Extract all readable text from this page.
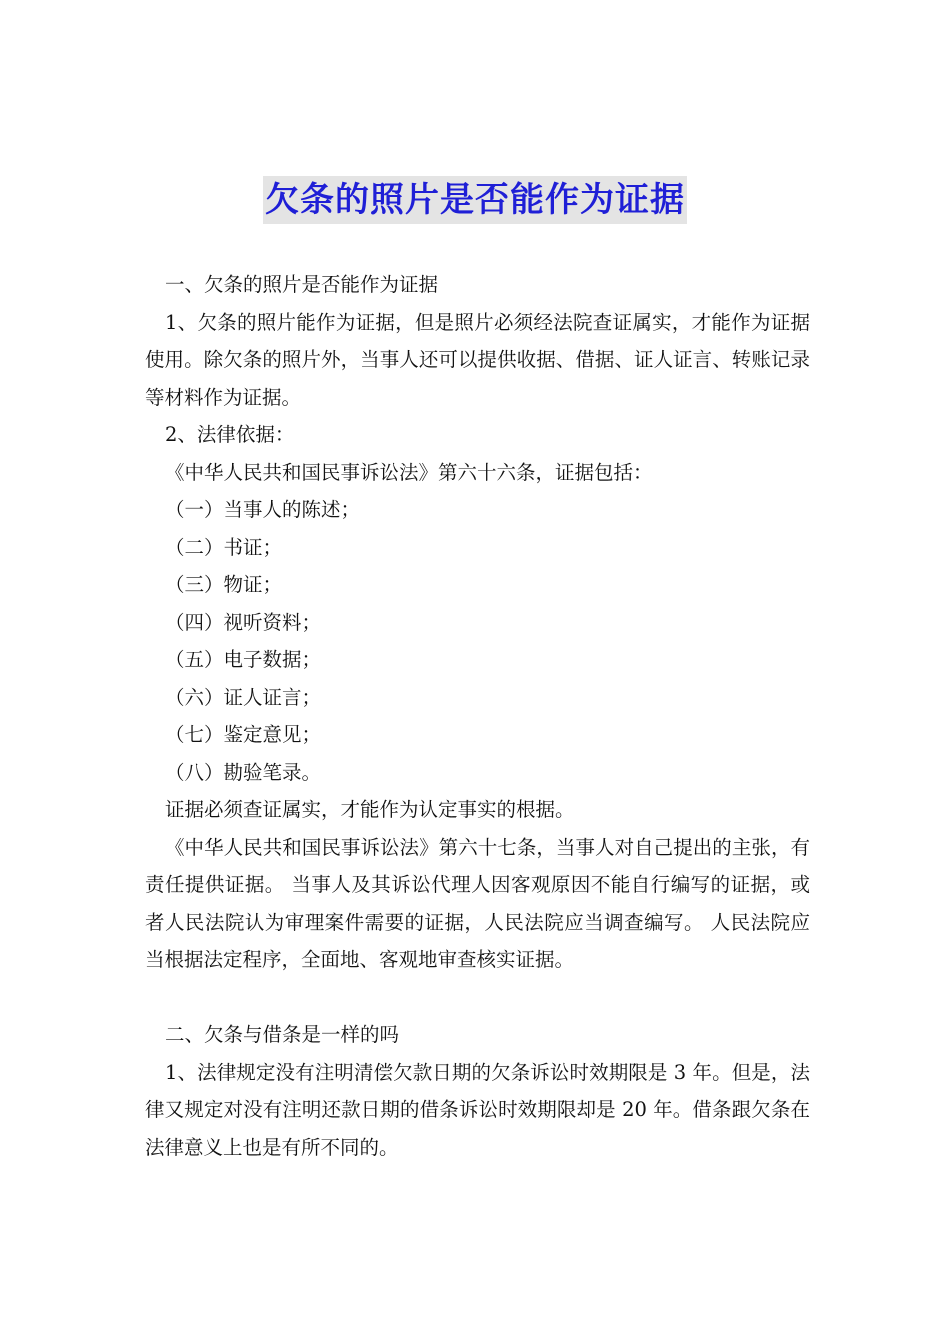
欠条的照片是否能作为证据

一、欠条的照片是否能作为证据

1、欠条的照片能作为证据，但是照片必须经法院查证属实，才能作为证据使用。除欠条的照片外，当事人还可以提供收据、借据、证人证言、转账记录等材料作为证据。

2、法律依据：

《中华人民共和国民事诉讼法》第六十六条，证据包括：

（一）当事人的陈述；

（二）书证；

（三）物证；

（四）视听资料；

（五）电子数据；

（六）证人证言；

（七）鉴定意见；

（八）勘验笔录。

证据必须查证属实，才能作为认定事实的根据。

《中华人民共和国民事诉讼法》第六十七条，当事人对自己提出的主张，有责任提供证据。 当事人及其诉讼代理人因客观原因不能自行编写的证据，或者人民法院认为审理案件需要的证据，人民法院应当调查编写。 人民法院应当根据法定程序，全面地、客观地审查核实证据。

二、欠条与借条是一样的吗

1、法律规定没有注明清偿欠款日期的欠条诉讼时效期限是 3 年。但是，法律又规定对没有注明还款日期的借条诉讼时效期限却是 20 年。借条跟欠条在法律意义上也是有所不同的。
